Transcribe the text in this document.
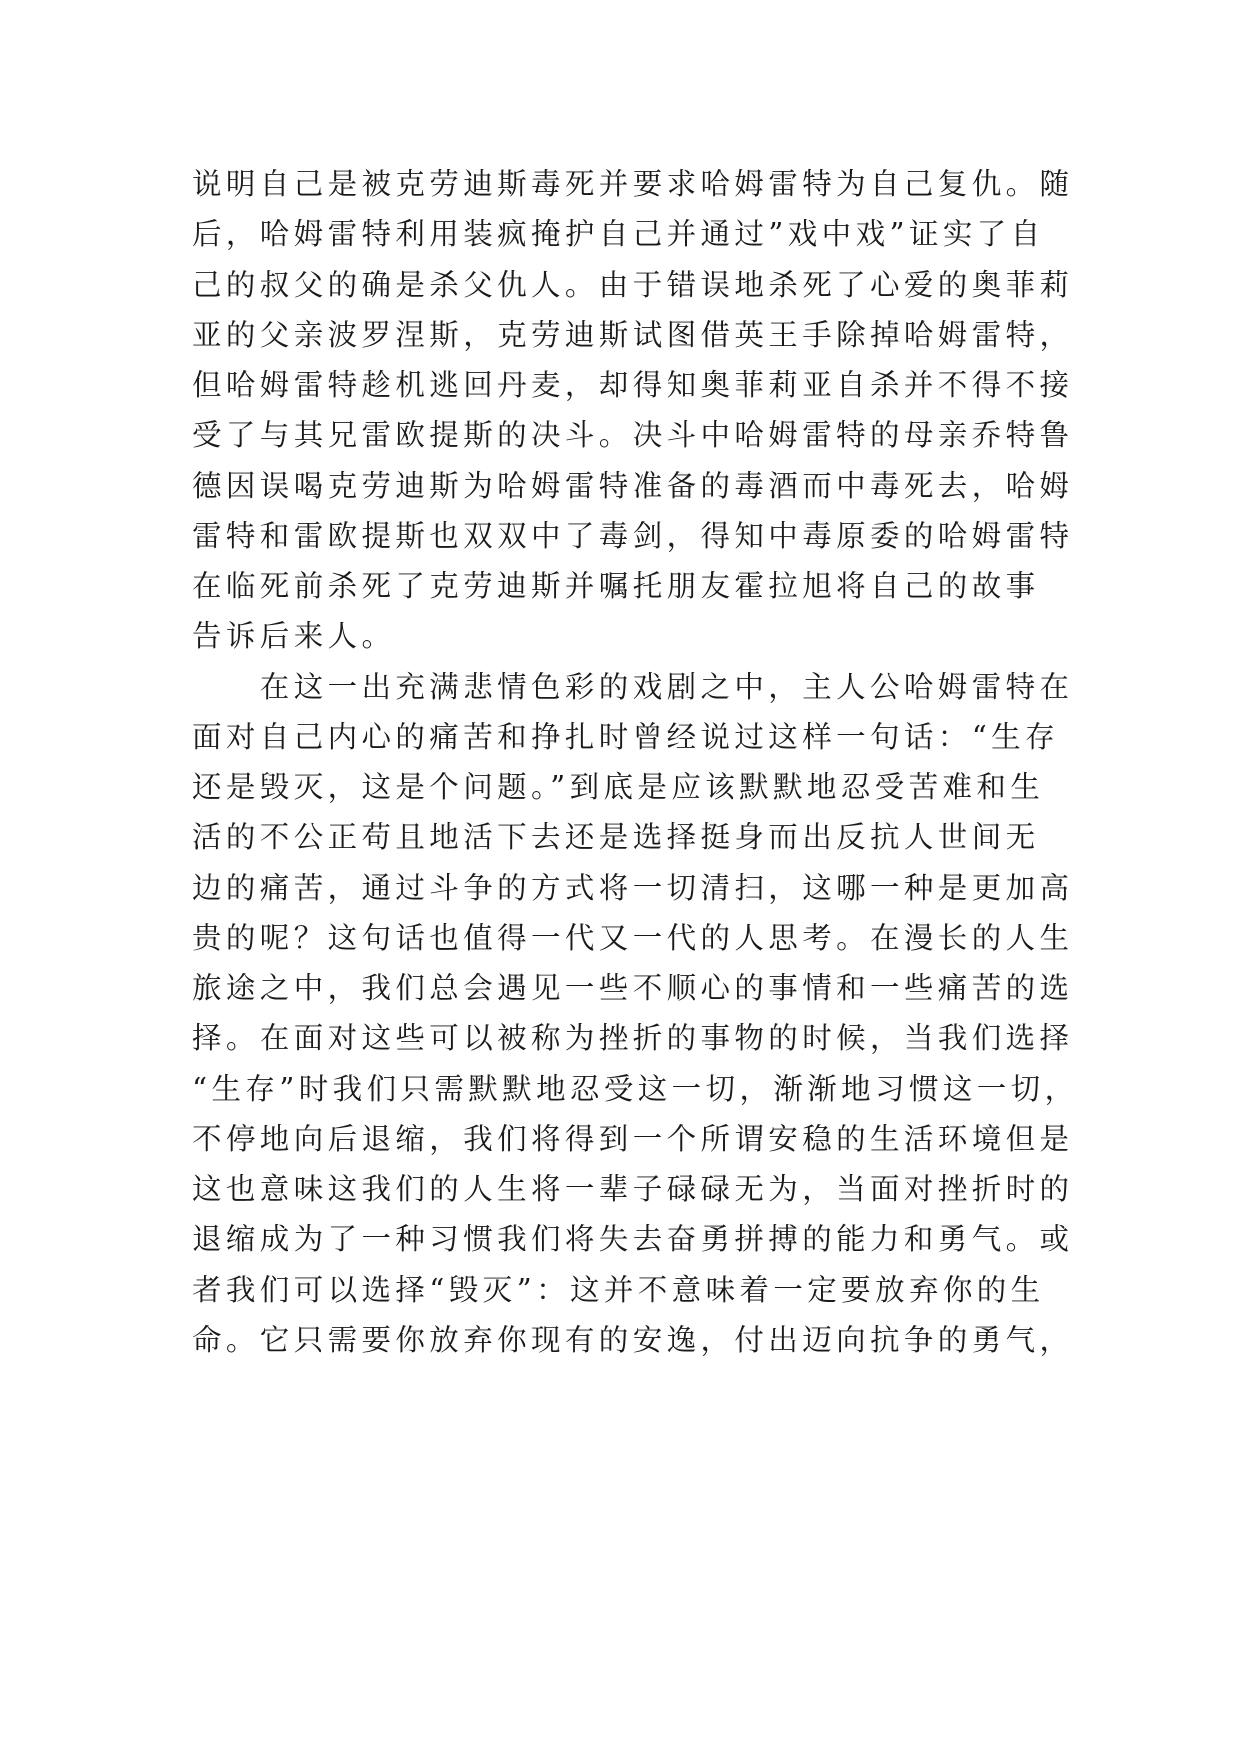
说明自己是被克劳迪斯毒死并要求哈姆雷特为自己复仇。随
后，哈姆雷特利用装疯掩护自己并通过”戏中戏”证实了自
己的叔父的确是杀父仇人。由于错误地杀死了心爱的奥菲莉
亚的父亲波罗涅斯，克劳迪斯试图借英王手除掉哈姆雷特，
但哈姆雷特趁机逃回丹麦，却得知奥菲莉亚自杀并不得不接
受了与其兄雷欧提斯的决斗。决斗中哈姆雷特的母亲乔特鲁
德因误喝克劳迪斯为哈姆雷特准备的毒酒而中毒死去，哈姆
雷特和雷欧提斯也双双中了毒剑，得知中毒原委的哈姆雷特
在临死前杀死了克劳迪斯并嘱托朋友霍拉旭将自己的故事
告诉后来人。
　　在这一出充满悲情色彩的戏剧之中，主人公哈姆雷特在
面对自己内心的痛苦和挣扎时曾经说过这样一句话：“生存
还是毁灭，这是个问题。”到底是应该默默地忍受苦难和生
活的不公正苟且地活下去还是选择挺身而出反抗人世间无
边的痛苦，通过斗争的方式将一切清扫，这哪一种是更加高
贵的呢？这句话也值得一代又一代的人思考。在漫长的人生
旅途之中，我们总会遇见一些不顺心的事情和一些痛苦的选
择。在面对这些可以被称为挫折的事物的时候，当我们选择
“生存”时我们只需默默地忍受这一切，渐渐地习惯这一切，
不停地向后退缩，我们将得到一个所谓安稳的生活环境但是
这也意味这我们的人生将一辈子碌碌无为，当面对挫折时的
退缩成为了一种习惯我们将失去奋勇拼搏的能力和勇气。或
者我们可以选择“毁灭”：这并不意味着一定要放弃你的生
命。它只需要你放弃你现有的安逸，付出迈向抗争的勇气，
